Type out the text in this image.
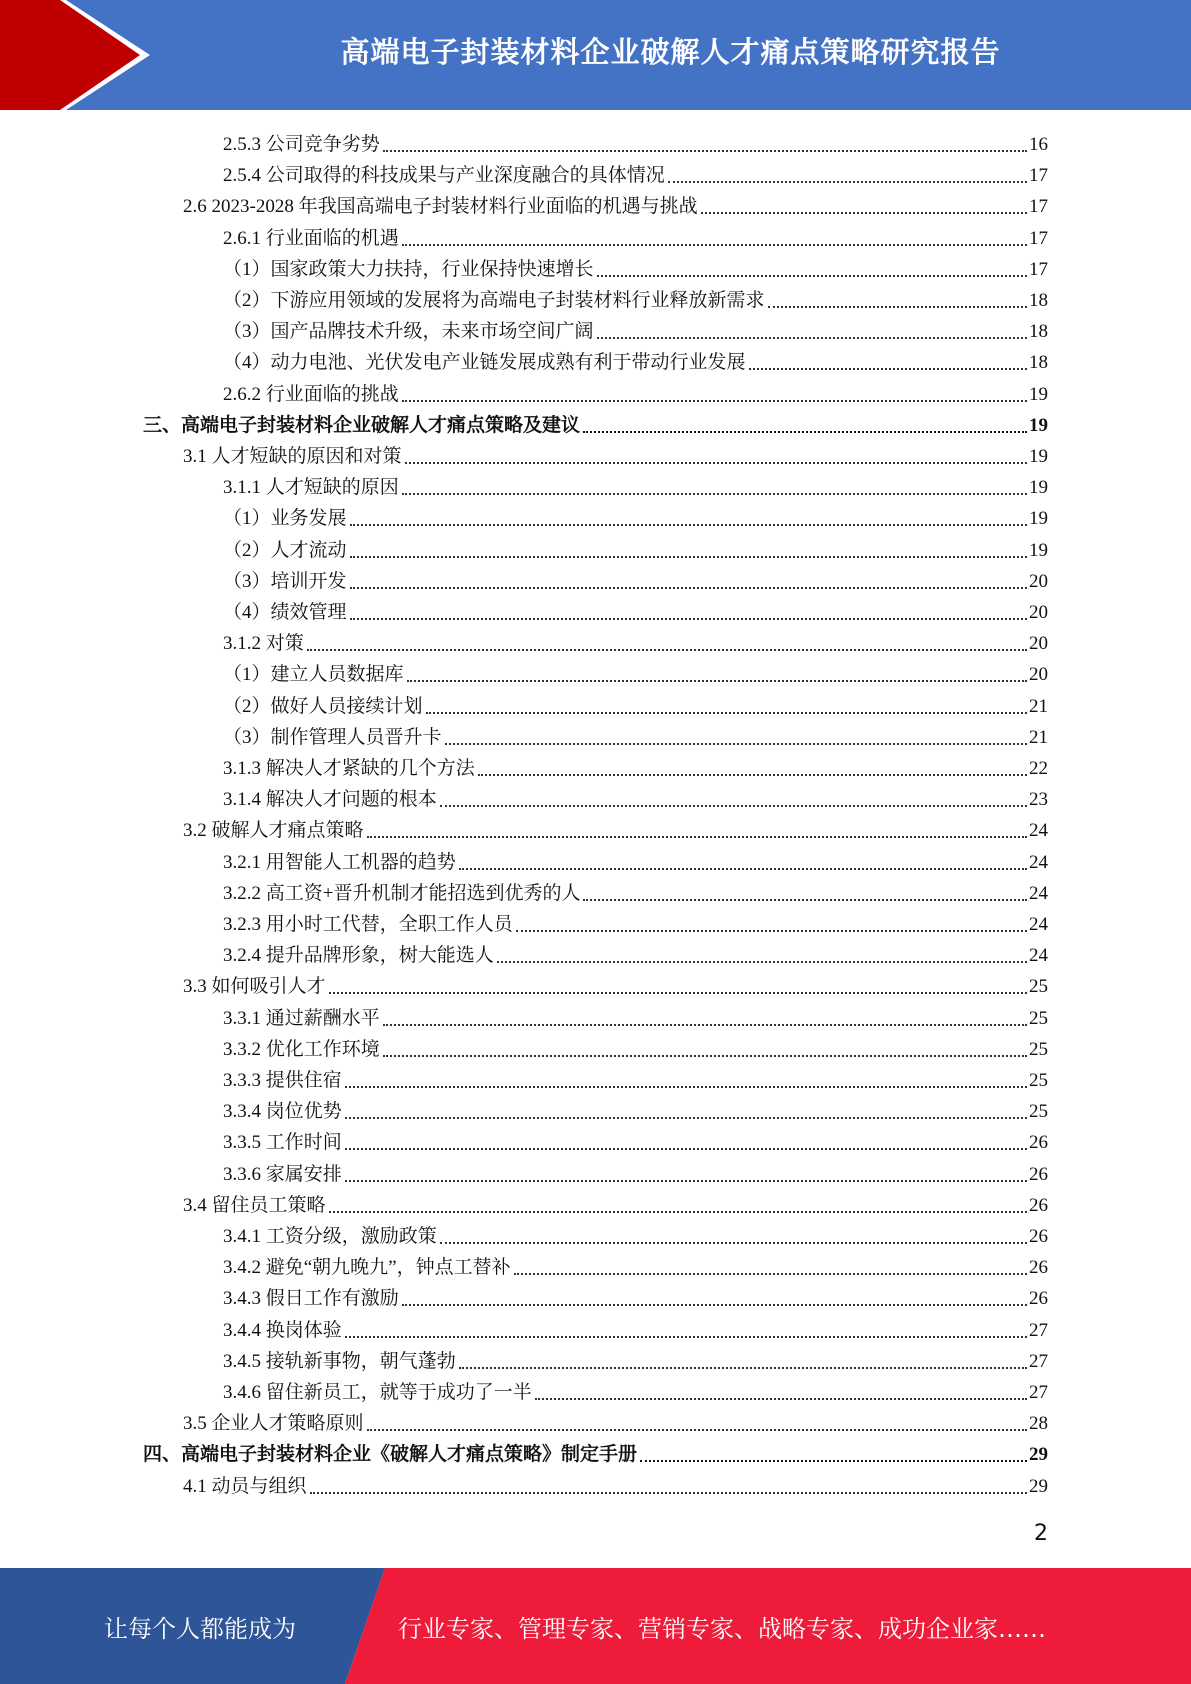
高端电子封装材料企业破解人才痛点策略研究报告
2.5.3 公司竞争劣势	16
2.5.4 公司取得的科技成果与产业深度融合的具体情况	17
2.6 2023-2028 年我国高端电子封装材料行业面临的机遇与挑战	17
2.6.1 行业面临的机遇	17
（1）国家政策大力扶持，行业保持快速增长	17
（2）下游应用领域的发展将为高端电子封装材料行业释放新需求	18
（3）国产品牌技术升级，未来市场空间广阔	18
（4）动力电池、光伏发电产业链发展成熟有利于带动行业发展	18
2.6.2 行业面临的挑战	19
三、高端电子封装材料企业破解人才痛点策略及建议	19
3.1 人才短缺的原因和对策	19
3.1.1 人才短缺的原因	19
（1）业务发展	19
（2）人才流动	19
（3）培训开发	20
（4）绩效管理	20
3.1.2 对策	20
（1）建立人员数据库	20
（2）做好人员接续计划	21
（3）制作管理人员晋升卡	21
3.1.3 解决人才紧缺的几个方法	22
3.1.4 解决人才问题的根本	23
3.2 破解人才痛点策略	24
3.2.1 用智能人工机器的趋势	24
3.2.2 高工资+晋升机制才能招选到优秀的人	24
3.2.3 用小时工代替，全职工作人员	24
3.2.4 提升品牌形象，树大能选人	24
3.3 如何吸引人才	25
3.3.1 通过薪酬水平	25
3.3.2 优化工作环境	25
3.3.3 提供住宿	25
3.3.4 岗位优势	25
3.3.5 工作时间	26
3.3.6 家属安排	26
3.4 留住员工策略	26
3.4.1 工资分级，激励政策	26
3.4.2 避免“朝九晚九”，钟点工替补	26
3.4.3 假日工作有激励	26
3.4.4 换岗体验	27
3.4.5 接轨新事物，朝气蓬勃	27
3.4.6 留住新员工，就等于成功了一半	27
3.5 企业人才策略原则	28
四、高端电子封装材料企业《破解人才痛点策略》制定手册	29
4.1 动员与组织	29
2
让每个人都能成为	行业专家、管理专家、营销专家、战略专家、成功企业家……
